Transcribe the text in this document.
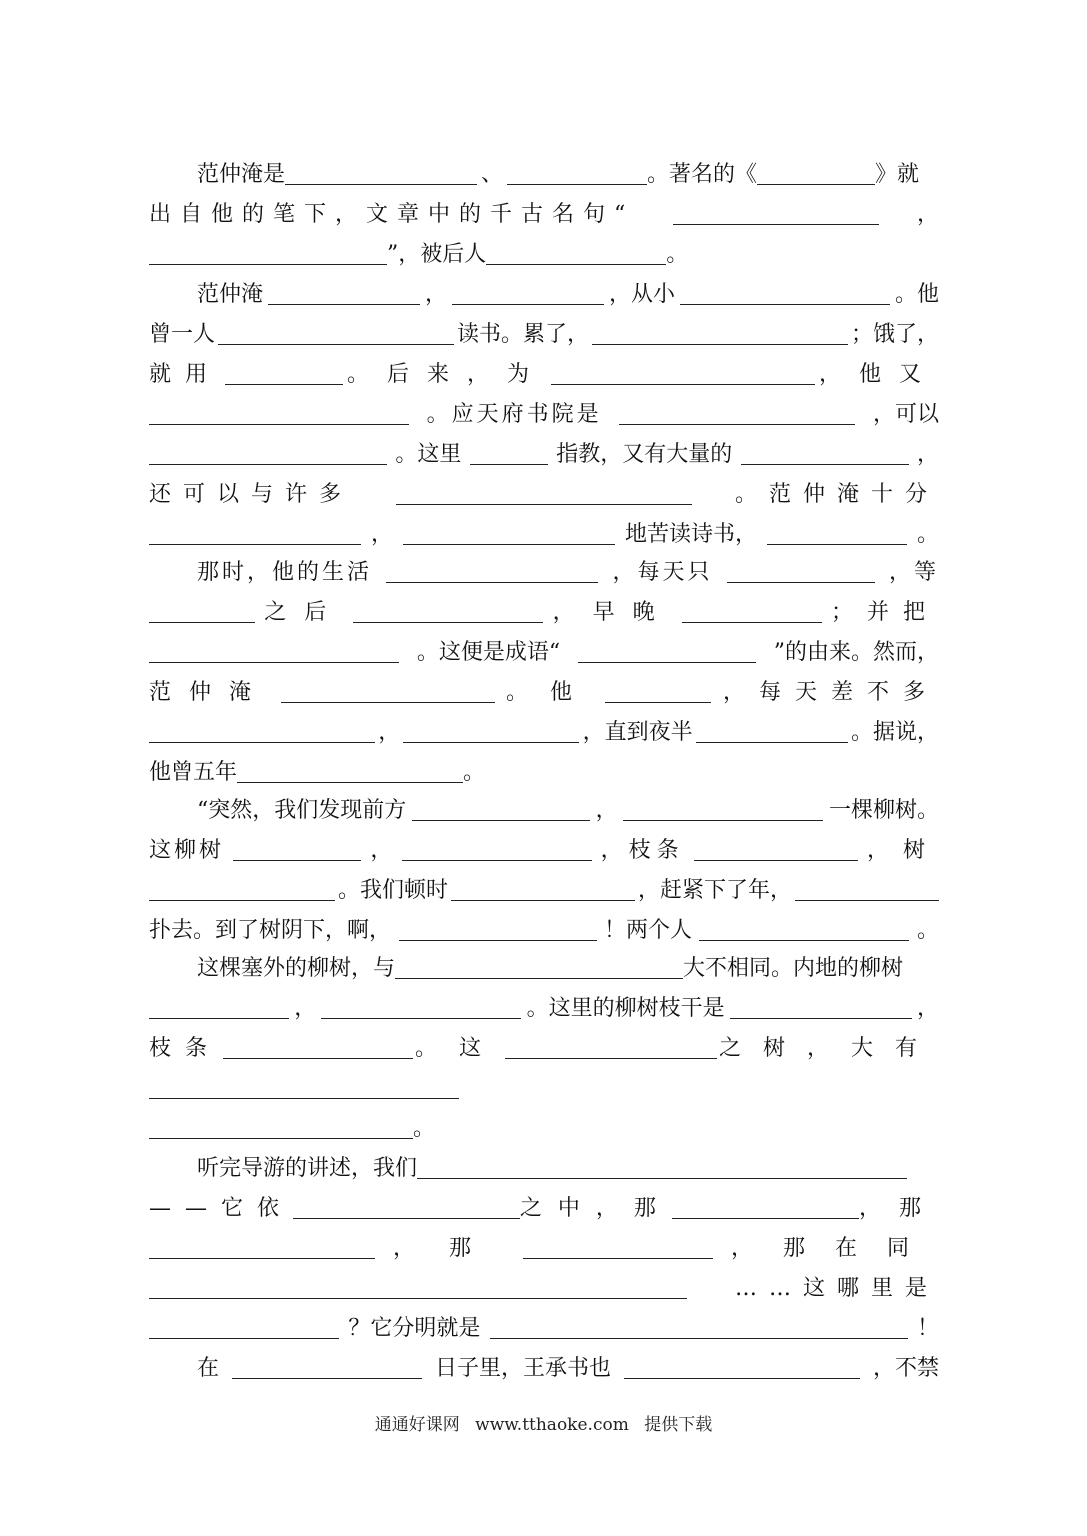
范仲淹是	、	。著名的《	》就
出自他的笔下，文章中的千古名句“	，
”，被后人	。
范仲淹	，	，从小	。他
曾一人	读书。累了，	；饿了，
就用	。后来，为	，他又
。应天府书院是	，可以
。这里	指教，又有大量的	，
还可以与许多	。范仲淹十分
，	地苦读诗书，	。
那时，他的生活	，每天只	，等
之后	，早晚	；并把
。这便是成语“	”的由来。然而，
范仲淹	。他	，每天差不多
，	，直到夜半	。据说，
他曾五年	。
“突然，我们发现前方	，	一棵柳树。
这柳树	，	，枝条	，树
。我们顿时	，赶紧下了年，
扑去。到了树阴下，啊，	！两个人	。
这棵塞外的柳树，与	大不相同。内地的柳树
，	。这里的柳树枝干是	，
枝条	。这	之树，大有
。
听完导游的讲述，我们
——它依	之中，那	，那
，那	，那在同
……这哪里是
？它分明就是	！
在	日子里，王承书也	，不禁
通通好课网 www.tthaoke.com 提供下载
